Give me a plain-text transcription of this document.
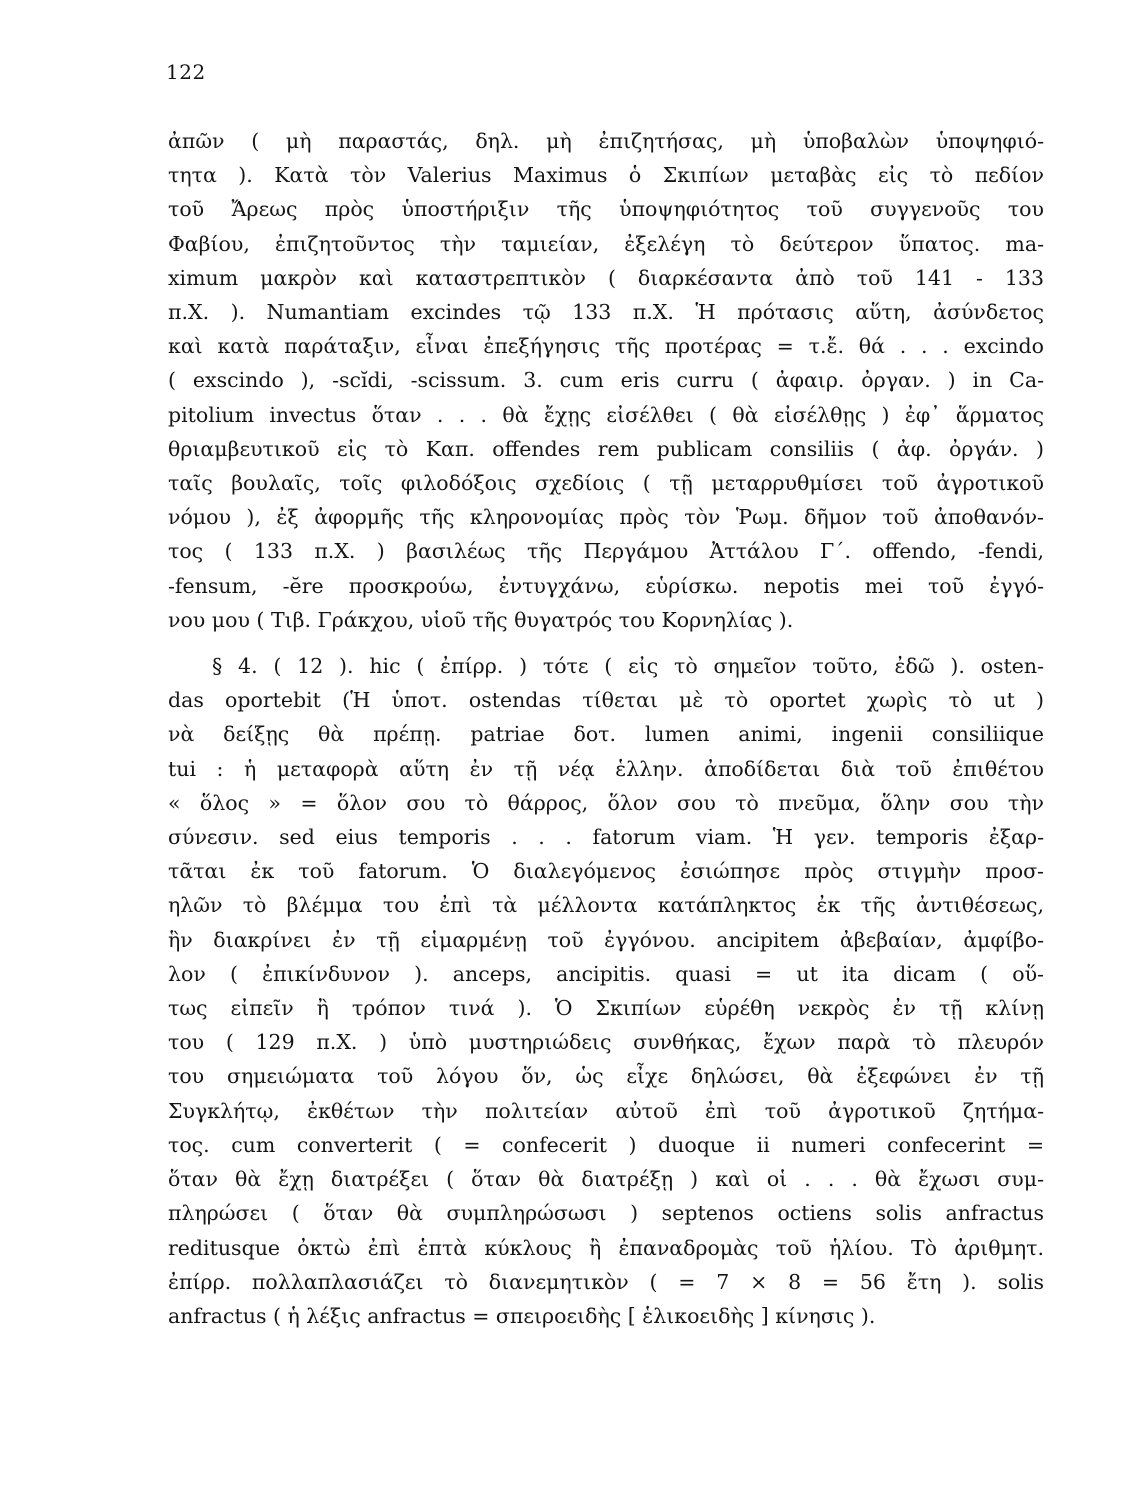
122
ἀπῶν ( μὴ παραστάς, δηλ. μὴ ἐπιζητήσας, μὴ ὑποβαλὼν ὑποψηφιό-
τητα ). Κατὰ τὸν Valerius Maximus ὁ Σκιπίων μεταβὰς εἰς τὸ πεδίον
τοῦ Ἄρεως πρὸς ὑποστήριξιν τῆς ὑποψηφιότητος τοῦ συγγενοῦς του
Φαβίου, ἐπιζητοῦντος τὴν ταμιείαν, ἐξελέγη τὸ δεύτερον ὕπατος. ma-
ximum μακρὸν καὶ καταστρεπτικὸν ( διαρκέσαντα ἀπὸ τοῦ 141 - 133
π.Χ. ). Numantiam excindes τῷ 133 π.Χ. Ἡ πρότασις αὕτη, ἀσύνδετος
καὶ κατὰ παράταξιν, εἶναι ἐπεξήγησις τῆς προτέρας = τ.ἔ. θά . . . excindo
( exscindo ), -scĭdi, -scissum. 3. cum eris curru ( ἀφαιρ. ὀργαν. ) in Ca-
pitolium invectus ὅταν . . . θὰ ἔχῃς εἰσέλθει ( θὰ εἰσέλθῃς ) ἐφ᾽ ἅρματος
θριαμβευτικοῦ εἰς τὸ Καπ. offendes rem publicam consiliis ( ἀφ. ὀργάν. )
ταῖς βουλαῖς, τοῖς φιλοδόξοις σχεδίοις ( τῇ μεταρρυθμίσει τοῦ ἀγροτικοῦ
νόμου ), ἐξ ἀφορμῆς τῆς κληρονομίας πρὸς τὸν Ῥωμ. δῆμον τοῦ ἀποθανόν-
τος ( 133 π.Χ. ) βασιλέως τῆς Περγάμου Ἀττάλου Γ΄. offendo, -fendi,
-fensum, -ĕre προσκρούω, ἐντυγχάνω, εὑρίσκω. nepotis mei τοῦ ἐγγό-
νου μου ( Τιβ. Γράκχου, υἱοῦ τῆς θυγατρός του Κορνηλίας ).
§ 4. ( 12 ). hic ( ἐπίρρ. ) τότε ( εἰς τὸ σημεῖον τοῦτο, ἐδῶ ). osten-
das oportebit (Ἡ ὑποτ. ostendas τίθεται μὲ τὸ oportet χωρὶς τὸ ut )
νὰ δείξῃς θὰ πρέπῃ. patriae δοτ. lumen animi, ingenii consiliique
tui : ἡ μεταφορὰ αὕτη ἐν τῇ νέᾳ ἑλλην. ἀποδίδεται διὰ τοῦ ἐπιθέτου
« ὅλος » = ὅλον σου τὸ θάρρος, ὅλον σου τὸ πνεῦμα, ὅλην σου τὴν
σύνεσιν. sed eius temporis . . . fatorum viam. Ἡ γεν. temporis ἐξαρ-
τᾶται ἐκ τοῦ fatorum. Ὁ διαλεγόμενος ἐσιώπησε πρὸς στιγμὴν προσ-
ηλῶν τὸ βλέμμα του ἐπὶ τὰ μέλλοντα κατάπληκτος ἐκ τῆς ἀντιθέσεως,
ἣν διακρίνει ἐν τῇ εἱμαρμένῃ τοῦ ἐγγόνου. ancipitem ἀβεβαίαν, ἀμφίβο-
λον ( ἐπικίνδυνον ). anceps, ancipitis. quasi = ut ita dicam ( οὕ-
τως εἰπεῖν ἢ τρόπον τινά ). Ὁ Σκιπίων εὑρέθη νεκρὸς ἐν τῇ κλίνῃ
του ( 129 π.Χ. ) ὑπὸ μυστηριώδεις συνθήκας, ἔχων παρὰ τὸ πλευρόν
του σημειώματα τοῦ λόγου ὅν, ὡς εἶχε δηλώσει, θὰ ἐξεφώνει ἐν τῇ
Συγκλήτῳ, ἐκθέτων τὴν πολιτείαν αὐτοῦ ἐπὶ τοῦ ἀγροτικοῦ ζητήμα-
τος. cum converterit ( = confecerit ) duoque ii numeri confecerint =
ὅταν θὰ ἔχῃ διατρέξει ( ὅταν θὰ διατρέξῃ ) καὶ οἱ . . . θὰ ἔχωσι συμ-
πληρώσει ( ὅταν θὰ συμπληρώσωσι ) septenos octiens solis anfractus
reditusque ὀκτὼ ἐπὶ ἑπτὰ κύκλους ἢ ἐπαναδρομὰς τοῦ ἡλίου. Τὸ ἀριθμητ.
ἐπίρρ. πολλαπλασιάζει τὸ διανεμητικὸν ( = 7 × 8 = 56 ἔτη ). solis
anfractus ( ἡ λέξις anfractus = σπειροειδὴς [ ἑλικοειδὴς ] κίνησις ).
